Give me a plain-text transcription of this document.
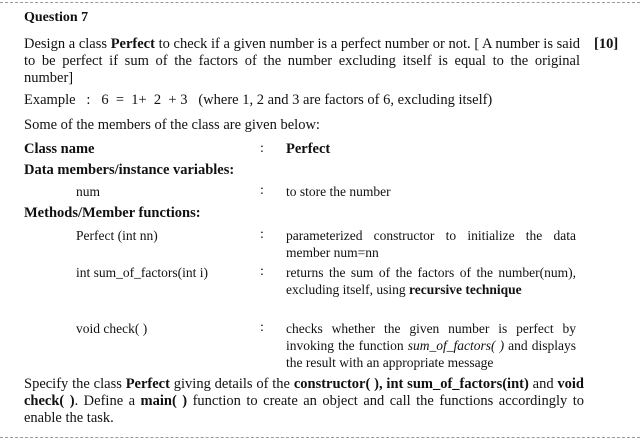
Question 7
[10]
Design a class Perfect to check if a given number is a perfect number or not. [ A number is said to be perfect if sum of the factors of the number excluding itself is equal to the original number]
Example   :   6  =  1+  2  + 3   (where 1, 2 and 3 are factors of 6, excluding itself)
Some of the members of the class are given below:
Class name	: Perfect
Data members/instance variables:
num	: to store the number
Methods/Member functions:
Perfect (int nn)	: parameterized constructor to initialize the data member num=nn
int sum_of_factors(int i)	: returns the sum of the factors of the number(num), excluding itself, using recursive technique
void check( )	: checks whether the given number is perfect by invoking the function sum_of_factors( ) and displays the result with an appropriate message
Specify the class Perfect giving details of the constructor( ), int sum_of_factors(int) and void check( ). Define a main( ) function to create an object and call the functions accordingly to enable the task.
